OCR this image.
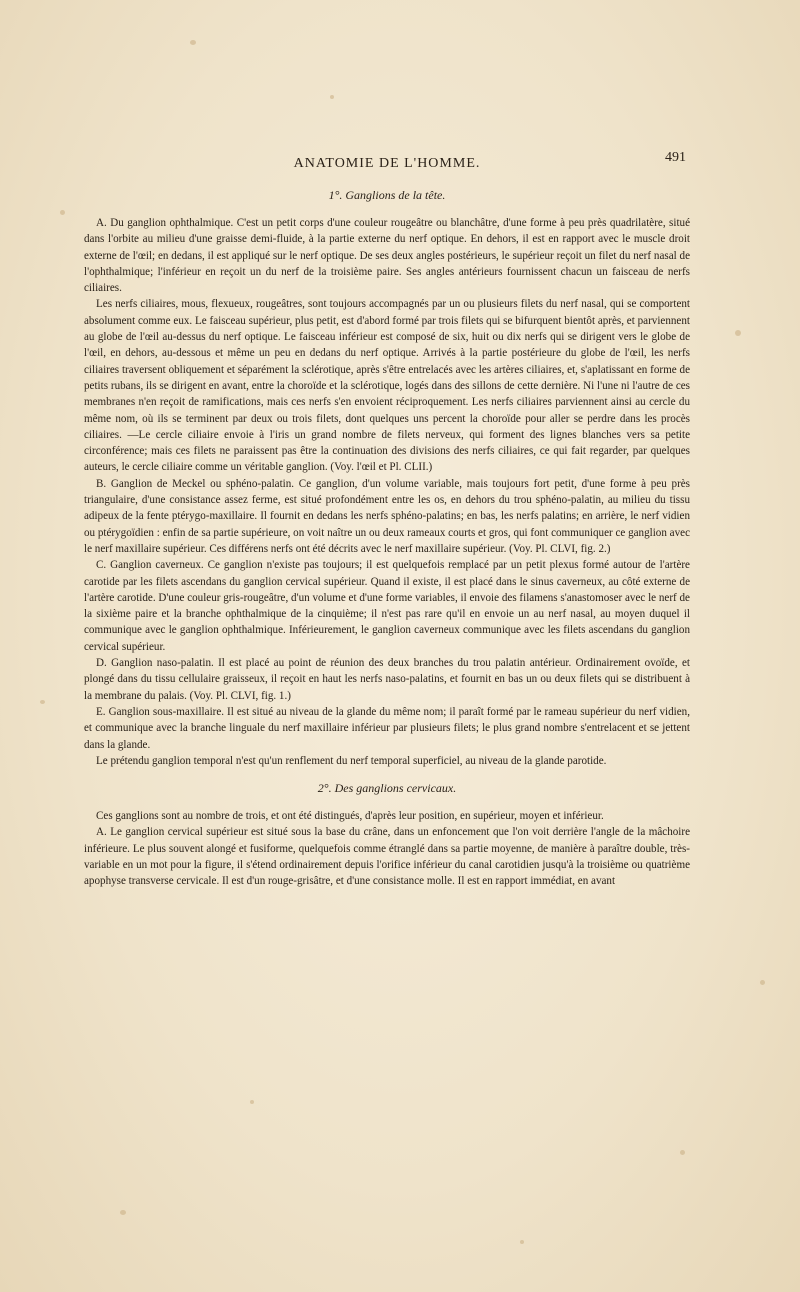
ANATOMIE DE L'HOMME.	491
1°. Ganglions de la tête.

A. Du ganglion ophthalmique. C'est un petit corps d'une couleur rougeâtre ou blanchâtre, d'une forme à peu près quadrilatère, situé dans l'orbite au milieu d'une graisse demi-fluide, à la partie externe du nerf optique. En dehors, il est en rapport avec le muscle droit externe de l'œil; en dedans, il est appliqué sur le nerf optique. De ses deux angles postérieurs, le supérieur reçoit un filet du nerf nasal de l'ophthalmique; l'inférieur en reçoit un du nerf de la troisième paire. Ses angles antérieurs fournissent chacun un faisceau de nerfs ciliaires.

Les nerfs ciliaires, mous, flexueux, rougeâtres, sont toujours accompagnés par un ou plusieurs filets du nerf nasal, qui se comportent absolument comme eux. Le faisceau supérieur, plus petit, est d'abord formé par trois filets qui se bifurquent bientôt après, et parviennent au globe de l'œil au-dessus du nerf optique. Le faisceau inférieur est composé de six, huit ou dix nerfs qui se dirigent vers le globe de l'œil, en dehors, au-dessous et même un peu en dedans du nerf optique. Arrivés à la partie postérieure du globe de l'œil, les nerfs ciliaires traversent obliquement et séparément la sclérotique, après s'être entrelacés avec les artères ciliaires, et, s'aplatissant en forme de petits rubans, ils se dirigent en avant, entre la choroïde et la sclérotique, logés dans des sillons de cette dernière. Ni l'une ni l'autre de ces membranes n'en reçoit de ramifications, mais ces nerfs s'en envoient réciproquement. Les nerfs ciliaires parviennent ainsi au cercle du même nom, où ils se terminent par deux ou trois filets, dont quelques uns percent la choroïde pour aller se perdre dans les procès ciliaires. —Le cercle ciliaire envoie à l'iris un grand nombre de filets nerveux, qui forment des lignes blanches vers sa petite circonférence; mais ces filets ne paraissent pas être la continuation des divisions des nerfs ciliaires, ce qui fait regarder, par quelques auteurs, le cercle ciliaire comme un véritable ganglion. (Voy. l'œil et Pl. CLII.)

B. Ganglion de Meckel ou sphéno-palatin. Ce ganglion, d'un volume variable, mais toujours fort petit, d'une forme à peu près triangulaire, d'une consistance assez ferme, est situé profondément entre les os, en dehors du trou sphéno-palatin, au milieu du tissu adipeux de la fente ptérygo-maxillaire. Il fournit en dedans les nerfs sphéno-palatins; en bas, les nerfs palatins; en arrière, le nerf vidien ou ptérygoïdien : enfin de sa partie supérieure, on voit naître un ou deux rameaux courts et gros, qui font communiquer ce ganglion avec le nerf maxillaire supérieur. Ces différens nerfs ont été décrits avec le nerf maxillaire supérieur. (Voy. Pl. CLVI, fig. 2.)

C. Ganglion caverneux. Ce ganglion n'existe pas toujours; il est quelquefois remplacé par un petit plexus formé autour de l'artère carotide par les filets ascendans du ganglion cervical supérieur. Quand il existe, il est placé dans le sinus caverneux, au côté externe de l'artère carotide. D'une couleur gris-rougeâtre, d'un volume et d'une forme variables, il envoie des filamens s'anastomoser avec le nerf de la sixième paire et la branche ophthalmique de la cinquième; il n'est pas rare qu'il en envoie un au nerf nasal, au moyen duquel il communique avec le ganglion ophthalmique. Inférieurement, le ganglion caverneux communique avec les filets ascendans du ganglion cervical supérieur.

D. Ganglion naso-palatin. Il est placé au point de réunion des deux branches du trou palatin antérieur. Ordinairement ovoïde, et plongé dans du tissu cellulaire graisseux, il reçoit en haut les nerfs naso-palatins, et fournit en bas un ou deux filets qui se distribuent à la membrane du palais. (Voy. Pl. CLVI, fig. 1.)

E. Ganglion sous-maxillaire. Il est situé au niveau de la glande du même nom; il paraît formé par le rameau supérieur du nerf vidien, et communique avec la branche linguale du nerf maxillaire inférieur par plusieurs filets; le plus grand nombre s'entrelacent et se jettent dans la glande.

Le prétendu ganglion temporal n'est qu'un renflement du nerf temporal superficiel, au niveau de la glande parotide.

2°. Des ganglions cervicaux.

Ces ganglions sont au nombre de trois, et ont été distingués, d'après leur position, en supérieur, moyen et inférieur.

A. Le ganglion cervical supérieur est situé sous la base du crâne, dans un enfoncement que l'on voit derrière l'angle de la mâchoire inférieure. Le plus souvent alongé et fusiforme, quelquefois comme étranglé dans sa partie moyenne, de manière à paraître double, très-variable en un mot pour la figure, il s'étend ordinairement depuis l'orifice inférieur du canal carotidien jusqu'à la troisième ou quatrième apophyse transverse cervicale. Il est d'un rouge-grisâtre, et d'une consistance molle. Il est en rapport immédiat, en avant
